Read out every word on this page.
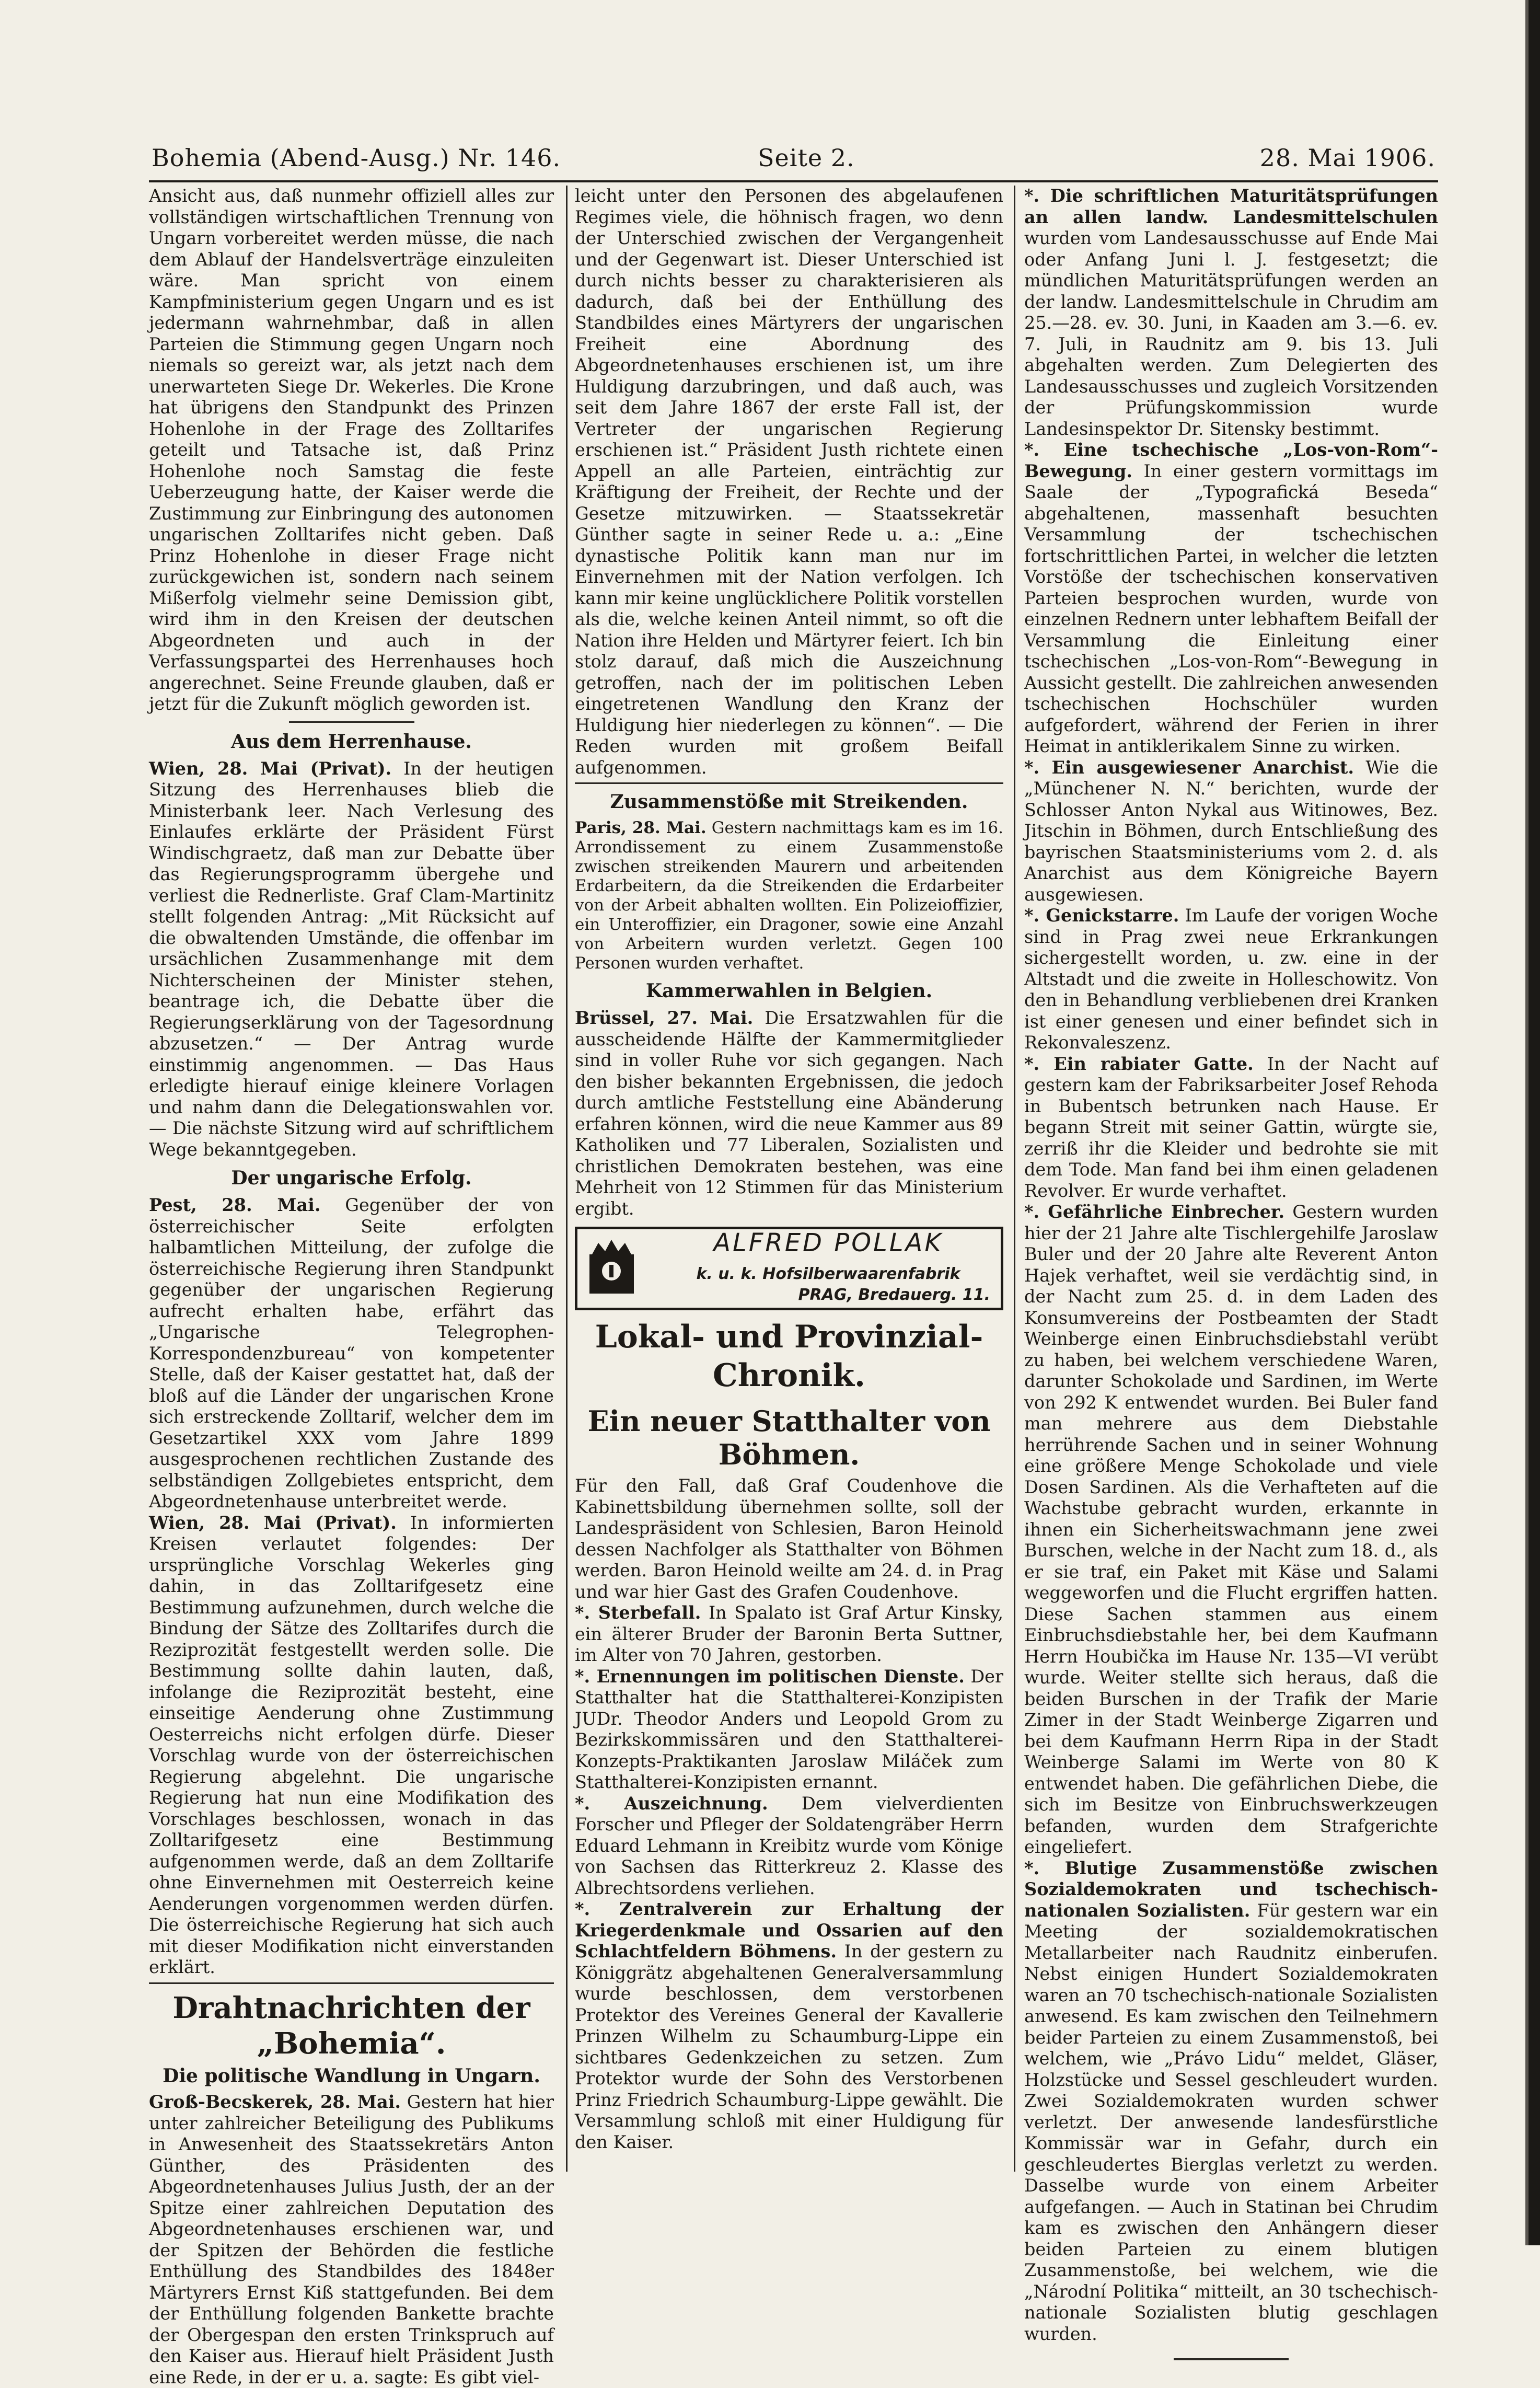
Bohemia (Abend-Ausg.) Nr. 146.	Seite 2.	28. Mai 1906.

Ansicht aus, daß nunmehr offiziell alles zur vollständigen wirtschaftlichen Trennung von Ungarn vorbereitet werden müsse, die nach dem Ablauf der Handelsverträge einzuleiten wäre. Man spricht von einem Kampfministerium gegen Ungarn und es ist jedermann wahrnehmbar, daß in allen Parteien die Stimmung gegen Ungarn noch niemals so gereizt war, als jetzt nach dem unerwarteten Siege Dr. Wekerles. Die Krone hat übrigens den Standpunkt des Prinzen Hohenlohe in der Frage des Zolltarifes geteilt und Tatsache ist, daß Prinz Hohenlohe noch Samstag die feste Ueberzeugung hatte, der Kaiser werde die Zustimmung zur Einbringung des autonomen ungarischen Zolltarifes nicht geben. Daß Prinz Hohenlohe in dieser Frage nicht zurückgewichen ist, sondern nach seinem Mißerfolg vielmehr seine Demission gibt, wird ihm in den Kreisen der deutschen Abgeordneten und auch in der Verfassungspartei des Herrenhauses hoch angerechnet. Seine Freunde glauben, daß er jetzt für die Zukunft möglich geworden ist.

Aus dem Herrenhause.

Wien, 28. Mai (Privat). In der heutigen Sitzung des Herrenhauses blieb die Ministerbank leer. Nach Verlesung des Einlaufes erklärte der Präsident Fürst Windischgraetz, daß man zur Debatte über das Regierungsprogramm übergehe und verliest die Rednerliste. Graf Clam-Martinitz stellt folgenden Antrag: „Mit Rücksicht auf die obwaltenden Umstände, die offenbar im ursächlichen Zusammenhange mit dem Nichterscheinen der Minister stehen, beantrage ich, die Debatte über die Regierungserklärung von der Tagesordnung abzusetzen.“ — Der Antrag wurde einstimmig angenommen. — Das Haus erledigte hierauf einige kleinere Vorlagen und nahm dann die Delegationswahlen vor. — Die nächste Sitzung wird auf schriftlichem Wege bekanntgegeben.

Der ungarische Erfolg.

Pest, 28. Mai. Gegenüber der von österreichischer Seite erfolgten halbamtlichen Mitteilung, der zufolge die österreichische Regierung ihren Standpunkt gegenüber der ungarischen Regierung aufrecht erhalten habe, erfährt das „Ungarische Telegrophen-Korrespondenzbureau“ von kompetenter Stelle, daß der Kaiser gestattet hat, daß der bloß auf die Länder der ungarischen Krone sich erstreckende Zolltarif, welcher dem im Gesetzartikel XXX vom Jahre 1899 ausgesprochenen rechtlichen Zustande des selbständigen Zollgebietes entspricht, dem Abgeordnetenhause unterbreitet werde.

Wien, 28. Mai (Privat). In informierten Kreisen verlautet folgendes: Der ursprüngliche Vorschlag Wekerles ging dahin, in das Zolltarifgesetz eine Bestimmung aufzunehmen, durch welche die Bindung der Sätze des Zolltarifes durch die Reziprozität festgestellt werden solle. Die Bestimmung sollte dahin lauten, daß, infolange die Reziprozität besteht, eine einseitige Aenderung ohne Zustimmung Oesterreichs nicht erfolgen dürfe. Dieser Vorschlag wurde von der österreichischen Regierung abgelehnt. Die ungarische Regierung hat nun eine Modifikation des Vorschlages beschlossen, wonach in das Zolltarifgesetz eine Bestimmung aufgenommen werde, daß an dem Zolltarife ohne Einvernehmen mit Oesterreich keine Aenderungen vorgenommen werden dürfen. Die österreichische Regierung hat sich auch mit dieser Modifikation nicht einverstanden erklärt.

Drahtnachrichten der „Bohemia“.
Die politische Wandlung in Ungarn.

Groß-Becskerek, 28. Mai. Gestern hat hier unter zahlreicher Beteiligung des Publikums in Anwesenheit des Staatssekretärs Anton Günther, des Präsidenten des Abgeordnetenhauses Julius Justh, der an der Spitze einer zahlreichen Deputation des Abgeordnetenhauses erschienen war, und der Spitzen der Behörden die festliche Enthüllung des Standbildes des 1848er Märtyrers Ernst Kiß stattgefunden. Bei dem der Enthüllung folgenden Bankette brachte der Obergespan den ersten Trinkspruch auf den Kaiser aus. Hierauf hielt Präsident Justh eine Rede, in der er u. a. sagte: Es gibt viel-

leicht unter den Personen des abgelaufenen Regimes viele, die höhnisch fragen, wo denn der Unterschied zwischen der Vergangenheit und der Gegenwart ist. Dieser Unterschied ist durch nichts besser zu charakterisieren als dadurch, daß bei der Enthüllung des Standbildes eines Märtyrers der ungarischen Freiheit eine Abordnung des Abgeordnetenhauses erschienen ist, um ihre Huldigung darzubringen, und daß auch, was seit dem Jahre 1867 der erste Fall ist, der Vertreter der ungarischen Regierung erschienen ist.“ Präsident Justh richtete einen Appell an alle Parteien, einträchtig zur Kräftigung der Freiheit, der Rechte und der Gesetze mitzuwirken. — Staatssekretär Günther sagte in seiner Rede u. a.: „Eine dynastische Politik kann man nur im Einvernehmen mit der Nation verfolgen. Ich kann mir keine unglücklichere Politik vorstellen als die, welche keinen Anteil nimmt, so oft die Nation ihre Helden und Märtyrer feiert. Ich bin stolz darauf, daß mich die Auszeichnung getroffen, nach der im politischen Leben eingetretenen Wandlung den Kranz der Huldigung hier niederlegen zu können“. — Die Reden wurden mit großem Beifall aufgenommen.

Zusammenstöße mit Streikenden.

Paris, 28. Mai. Gestern nachmittags kam es im 16. Arrondissement zu einem Zusammenstoße zwischen streikenden Maurern und arbeitenden Erdarbeitern, da die Streikenden die Erdarbeiter von der Arbeit abhalten wollten. Ein Polizeioffizier, ein Unteroffizier, ein Dragoner, sowie eine Anzahl von Arbeitern wurden verletzt. Gegen 100 Personen wurden verhaftet.

Kammerwahlen in Belgien.

Brüssel, 27. Mai. Die Ersatzwahlen für die ausscheidende Hälfte der Kammermitglieder sind in voller Ruhe vor sich gegangen. Nach den bisher bekannten Ergebnissen, die jedoch durch amtliche Feststellung eine Abänderung erfahren können, wird die neue Kammer aus 89 Katholiken und 77 Liberalen, Sozialisten und christlichen Demokraten bestehen, was eine Mehrheit von 12 Stimmen für das Ministerium ergibt.

ALFRED POLLAK
k. u. k. Hofsilberwaarenfabrik
PRAG, Bredauerg. 11.
Lokal- und Provinzial-Chronik.
Ein neuer Statthalter von Böhmen.

Für den Fall, daß Graf Coudenhove die Kabinettsbildung übernehmen sollte, soll der Landespräsident von Schlesien, Baron Heinold dessen Nachfolger als Statthalter von Böhmen werden. Baron Heinold weilte am 24. d. in Prag und war hier Gast des Grafen Coudenhove.

*. Sterbefall. In Spalato ist Graf Artur Kinsky, ein älterer Bruder der Baronin Berta Suttner, im Alter von 70 Jahren, gestorben.

*. Ernennungen im politischen Dienste. Der Statthalter hat die Statthalterei-Konzipisten JUDr. Theodor Anders und Leopold Grom zu Bezirkskommissären und den Statthalterei-Konzepts-Praktikanten Jaroslaw Miláček zum Statthalterei-Konzipisten ernannt.

*. Auszeichnung. Dem vielverdienten Forscher und Pfleger der Soldatengräber Herrn Eduard Lehmann in Kreibitz wurde vom Könige von Sachsen das Ritterkreuz 2. Klasse des Albrechtsordens verliehen.

*. Zentralverein zur Erhaltung der Kriegerdenkmale und Ossarien auf den Schlachtfeldern Böhmens. In der gestern zu Königgrätz abgehaltenen Generalversammlung wurde beschlossen, dem verstorbenen Protektor des Vereines General der Kavallerie Prinzen Wilhelm zu Schaumburg-Lippe ein sichtbares Gedenkzeichen zu setzen. Zum Protektor wurde der Sohn des Verstorbenen Prinz Friedrich Schaumburg-Lippe gewählt. Die Versammlung schloß mit einer Huldigung für den Kaiser.

*. Die schriftlichen Maturitätsprüfungen an allen landw. Landesmittelschulen wurden vom Landesausschusse auf Ende Mai oder Anfang Juni l. J. festgesetzt; die mündlichen Maturitätsprüfungen werden an der landw. Landesmittelschule in Chrudim am 25.—28. ev. 30. Juni, in Kaaden am 3.—6. ev. 7. Juli, in Raudnitz am 9. bis 13. Juli abgehalten werden. Zum Delegierten des Landesausschusses und zugleich Vorsitzenden der Prüfungskommission wurde Landesinspektor Dr. Sitensky bestimmt.

*. Eine tschechische „Los-von-Rom“-Bewegung. In einer gestern vormittags im Saale der „Typografická Beseda“ abgehaltenen, massenhaft besuchten Versammlung der tschechischen fortschrittlichen Partei, in welcher die letzten Vorstöße der tschechischen konservativen Parteien besprochen wurden, wurde von einzelnen Rednern unter lebhaftem Beifall der Versammlung die Einleitung einer tschechischen „Los-von-Rom“-Bewegung in Aussicht gestellt. Die zahlreichen anwesenden tschechischen Hochschüler wurden aufgefordert, während der Ferien in ihrer Heimat in antiklerikalem Sinne zu wirken.

*. Ein ausgewiesener Anarchist. Wie die „Münchener N. N.“ berichten, wurde der Schlosser Anton Nykal aus Witinowes, Bez. Jitschin in Böhmen, durch Entschließung des bayrischen Staatsministeriums vom 2. d. als Anarchist aus dem Königreiche Bayern ausgewiesen.

*. Genickstarre. Im Laufe der vorigen Woche sind in Prag zwei neue Erkrankungen sichergestellt worden, u. zw. eine in der Altstadt und die zweite in Holleschowitz. Von den in Behandlung verbliebenen drei Kranken ist einer genesen und einer befindet sich in Rekonvaleszenz.

*. Ein rabiater Gatte. In der Nacht auf gestern kam der Fabriksarbeiter Josef Rehoda in Bubentsch betrunken nach Hause. Er begann Streit mit seiner Gattin, würgte sie, zerriß ihr die Kleider und bedrohte sie mit dem Tode. Man fand bei ihm einen geladenen Revolver. Er wurde verhaftet.

*. Gefährliche Einbrecher. Gestern wurden hier der 21 Jahre alte Tischlergehilfe Jaroslaw Buler und der 20 Jahre alte Reverent Anton Hajek verhaftet, weil sie verdächtig sind, in der Nacht zum 25. d. in dem Laden des Konsumvereins der Postbeamten der Stadt Weinberge einen Einbruchsdiebstahl verübt zu haben, bei welchem verschiedene Waren, darunter Schokolade und Sardinen, im Werte von 292 K entwendet wurden. Bei Buler fand man mehrere aus dem Diebstahle herrührende Sachen und in seiner Wohnung eine größere Menge Schokolade und viele Dosen Sardinen. Als die Verhafteten auf die Wachstube gebracht wurden, erkannte in ihnen ein Sicherheitswachmann jene zwei Burschen, welche in der Nacht zum 18. d., als er sie traf, ein Paket mit Käse und Salami weggeworfen und die Flucht ergriffen hatten. Diese Sachen stammen aus einem Einbruchsdiebstahle her, bei dem Kaufmann Herrn Houbička im Hause Nr. 135—VI verübt wurde. Weiter stellte sich heraus, daß die beiden Burschen in der Trafik der Marie Zimer in der Stadt Weinberge Zigarren und bei dem Kaufmann Herrn Ripa in der Stadt Weinberge Salami im Werte von 80 K entwendet haben. Die gefährlichen Diebe, die sich im Besitze von Einbruchswerkzeugen befanden, wurden dem Strafgerichte eingeliefert.

*. Blutige Zusammenstöße zwischen Sozialdemokraten und tschechisch-nationalen Sozialisten. Für gestern war ein Meeting der sozialdemokratischen Metallarbeiter nach Raudnitz einberufen. Nebst einigen Hundert Sozialdemokraten waren an 70 tschechisch-nationale Sozialisten anwesend. Es kam zwischen den Teilnehmern beider Parteien zu einem Zusammenstoß, bei welchem, wie „Právo Lidu“ meldet, Gläser, Holzstücke und Sessel geschleudert wurden. Zwei Sozialdemokraten wurden schwer verletzt. Der anwesende landesfürstliche Kommissär war in Gefahr, durch ein geschleudertes Bierglas verletzt zu werden. Dasselbe wurde von einem Arbeiter aufgefangen. — Auch in Statinan bei Chrudim kam es zwischen den Anhängern dieser beiden Parteien zu einem blutigen Zusammenstoße, bei welchem, wie die „Národní Politika“ mitteilt, an 30 tschechisch-nationale Sozialisten blutig geschlagen wurden.
